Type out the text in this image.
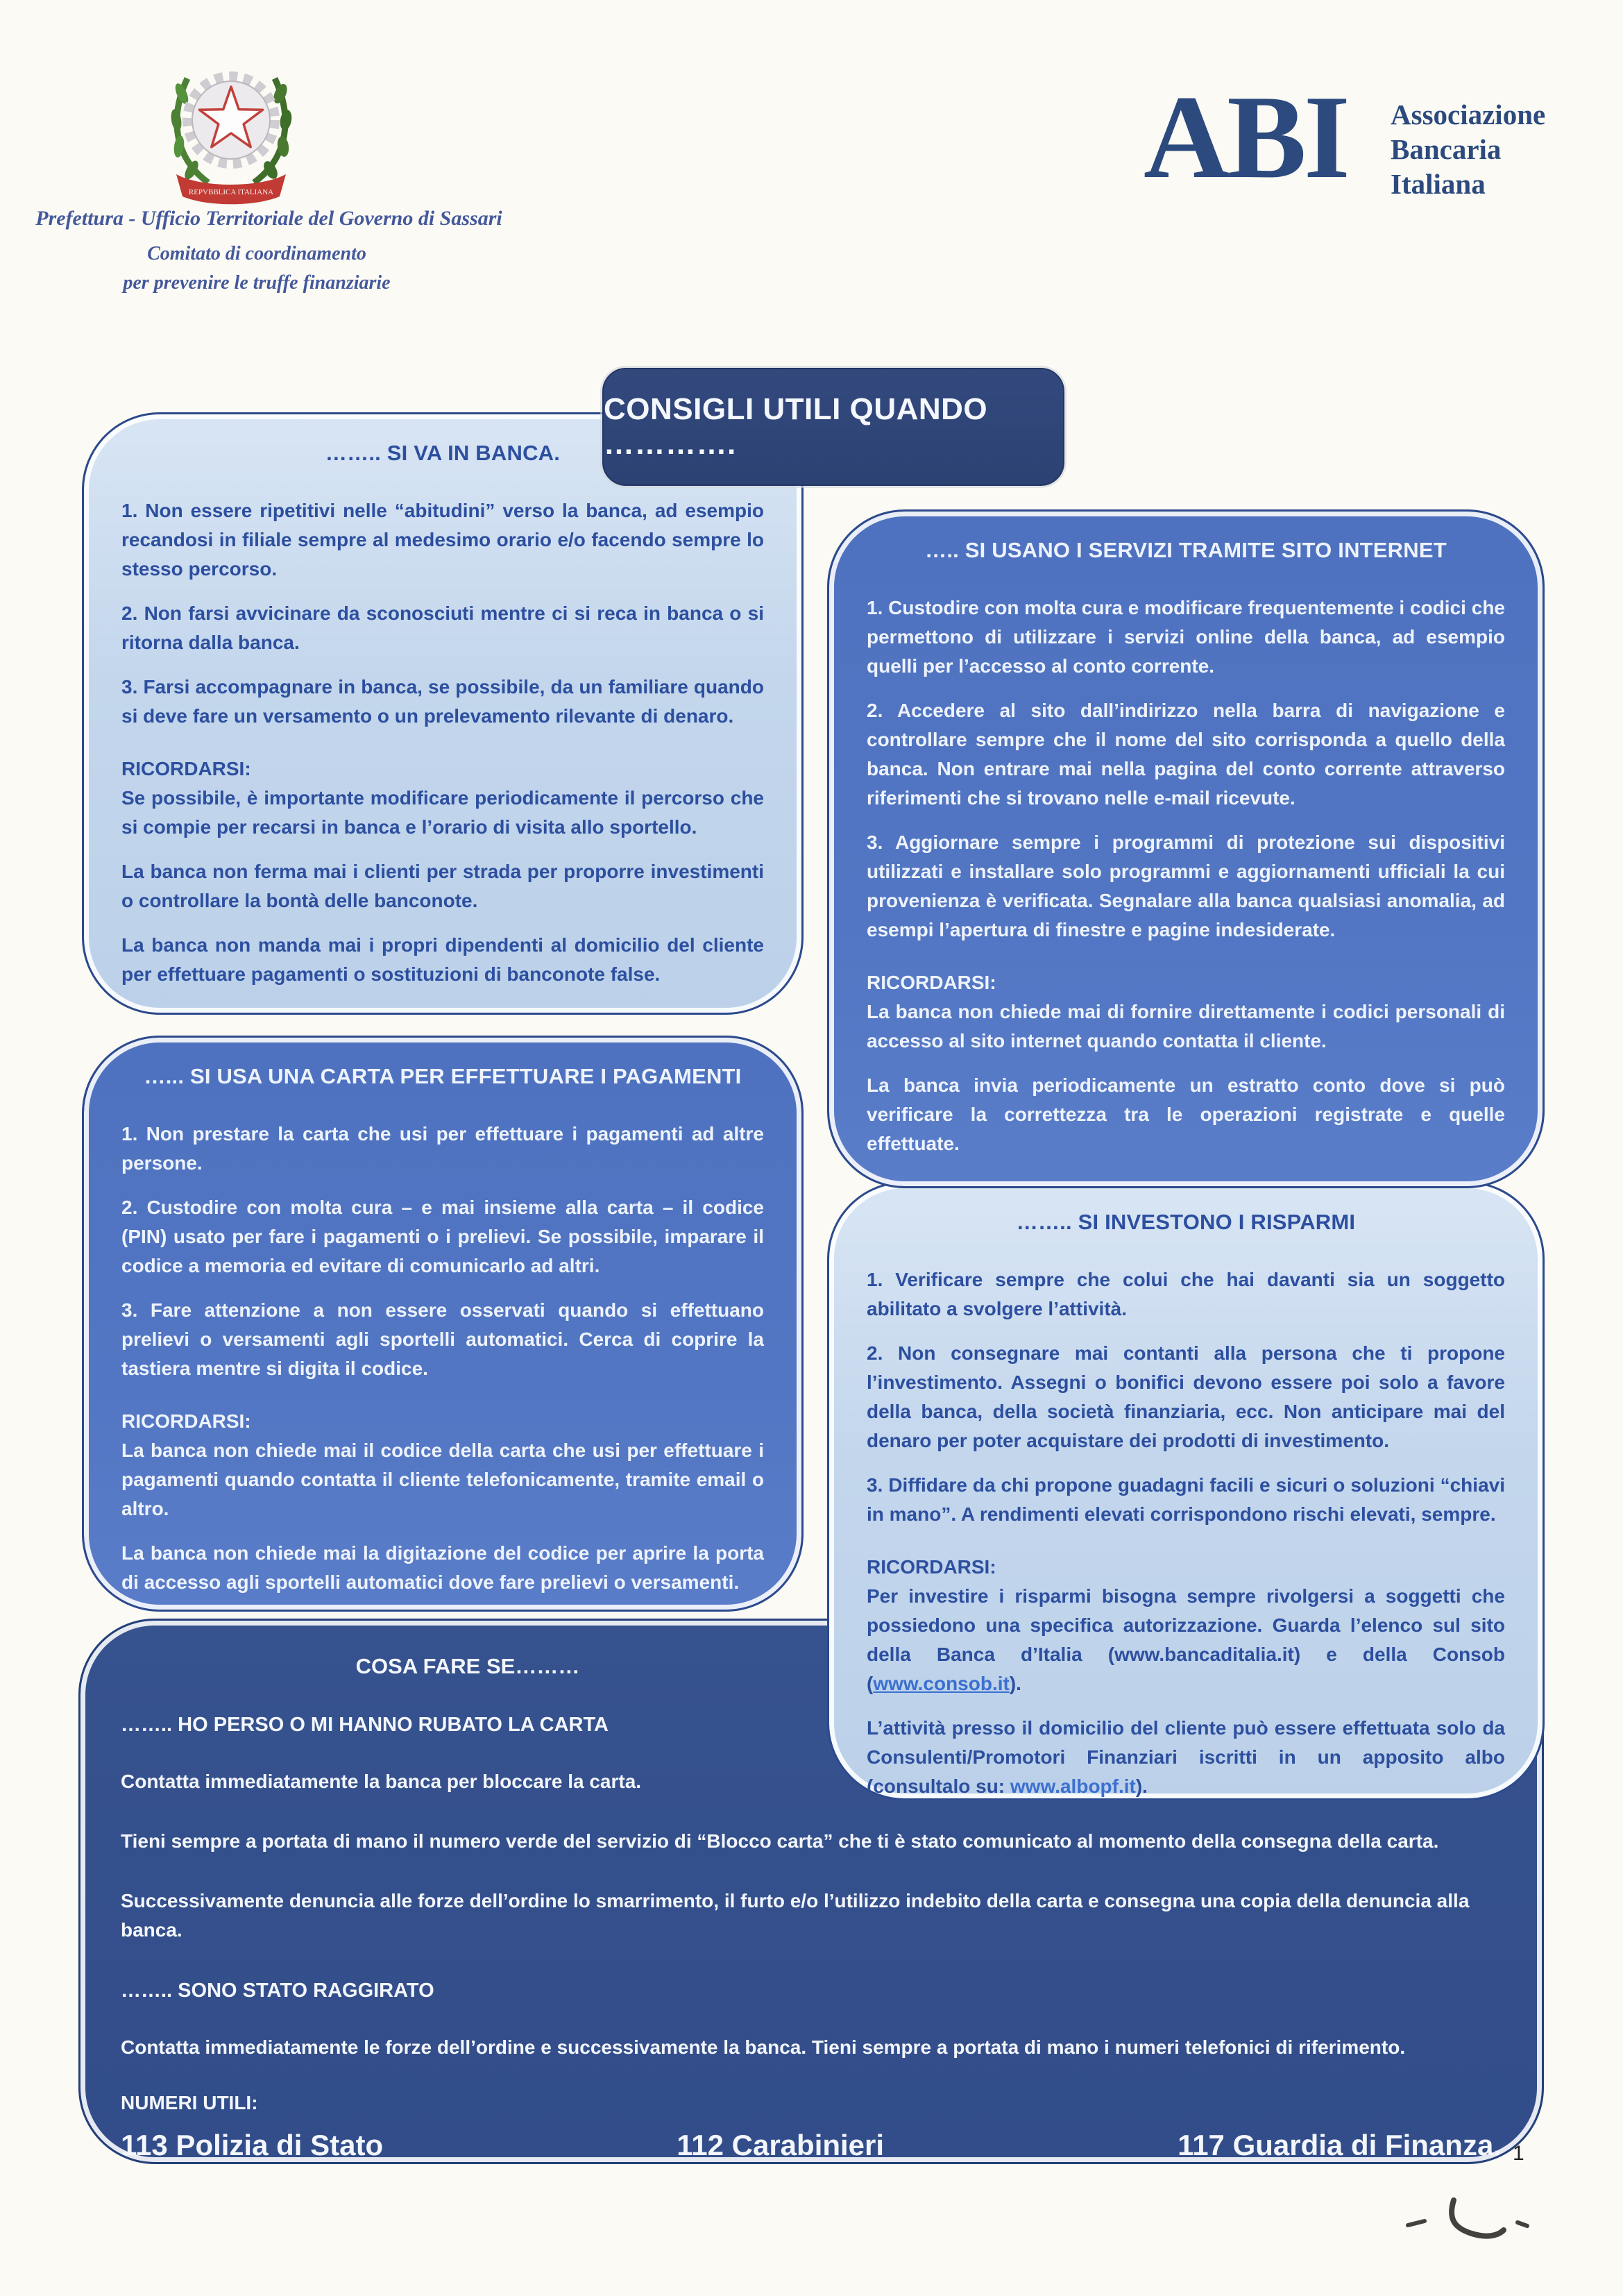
REPVBBLICA ITALIANA
Prefettura - Ufficio Territoriale del Governo di Sassari
Comitato di coordinamento
per prevenire le truffe finanziarie
ABI Associazione
Bancaria
Italiana
CONSIGLI UTILI QUANDO ………….
…….. SI VA IN BANCA.

1. Non essere ripetitivi nelle “abitudini” verso la banca, ad esempio recandosi in filiale sempre al medesimo orario e/o facendo sempre lo stesso percorso.

2. Non farsi avvicinare da sconosciuti mentre ci si reca in banca o si ritorna dalla banca.

3. Farsi accompagnare in banca, se possibile, da un familiare quando si deve fare un versamento o un prelevamento rilevante di denaro.

RICORDARSI:

Se possibile, è importante modificare periodicamente il percorso che si compie per recarsi in banca e l’orario di visita allo sportello.

La banca non ferma mai i clienti per strada per proporre investimenti o controllare la bontà delle banconote.

La banca non manda mai i propri dipendenti al domicilio del cliente per effettuare pagamenti o sostituzioni di banconote false.

….. SI USANO I SERVIZI TRAMITE SITO INTERNET

1. Custodire con molta cura e modificare frequentemente i codici che permettono di utilizzare i servizi online della banca, ad esempio quelli per l’accesso al conto corrente.

2. Accedere al sito dall’indirizzo nella barra di navigazione e controllare sempre che il nome del sito corrisponda a quello della banca. Non entrare mai nella pagina del conto corrente attraverso riferimenti che si trovano nelle e-mail ricevute.

3. Aggiornare sempre i programmi di protezione sui dispositivi utilizzati e installare solo programmi e aggiornamenti ufficiali la cui provenienza è verificata. Segnalare alla banca qualsiasi anomalia, ad esempi l’apertura di finestre e pagine indesiderate.

RICORDARSI:

La banca non chiede mai di fornire direttamente i codici personali di accesso al sito internet quando contatta il cliente.

La banca invia periodicamente un estratto conto dove si può verificare la correttezza tra le operazioni registrate e quelle effettuate.

…... SI USA UNA CARTA PER EFFETTUARE I PAGAMENTI

1. Non prestare la carta che usi per effettuare i pagamenti ad altre persone.

2. Custodire con molta cura – e mai insieme alla carta – il codice (PIN) usato per fare i pagamenti o i prelievi. Se possibile, imparare il codice a memoria ed evitare di comunicarlo ad altri.

3. Fare attenzione a non essere osservati quando si effettuano prelievi o versamenti agli sportelli automatici. Cerca di coprire la tastiera mentre si digita il codice.

RICORDARSI:

La banca non chiede mai il codice della carta che usi per effettuare i pagamenti quando contatta il cliente telefonicamente, tramite email o altro.

La banca non chiede mai la digitazione del codice per aprire la porta di accesso agli sportelli automatici dove fare prelievi o versamenti.

…….. SI INVESTONO I RISPARMI

1. Verificare sempre che colui che hai davanti sia un soggetto abilitato a svolgere l’attività.

2. Non consegnare mai contanti alla persona che ti propone l’investimento. Assegni o bonifici devono essere poi solo a favore della banca, della società finanziaria, ecc. Non anticipare mai del denaro per poter acquistare dei prodotti di investimento.

3. Diffidare da chi propone guadagni facili e sicuri o soluzioni “chiavi in mano”. A rendimenti elevati corrispondono rischi elevati, sempre.

RICORDARSI:

Per investire i risparmi bisogna sempre rivolgersi a soggetti che possiedono una specifica autorizzazione. Guarda l’elenco sul sito della Banca d’Italia (www.bancaditalia.it) e della Consob (www.consob.it).

L’attività presso il domicilio del cliente può essere effettuata solo da Consulenti/Promotori Finanziari iscritti in un apposito albo (consultalo su: www.albopf.it).

COSA FARE SE………

…….. HO PERSO O MI HANNO RUBATO LA CARTA

Contatta immediatamente la banca per bloccare la carta.

Tieni sempre a portata di mano il numero verde del servizio di “Blocco carta” che ti è stato comunicato al momento della consegna della carta.

Successivamente denuncia alle forze dell’ordine lo smarrimento, il furto e/o l’utilizzo indebito della carta e consegna una copia della denuncia alla banca.

…….. SONO STATO RAGGIRATO

Contatta immediatamente le forze dell’ordine e successivamente la banca. Tieni sempre a portata di mano i numeri telefonici di riferimento.

NUMERI UTILI:

113 Polizia di Stato	112 Carabinieri	117 Guardia di Finanza. 1
